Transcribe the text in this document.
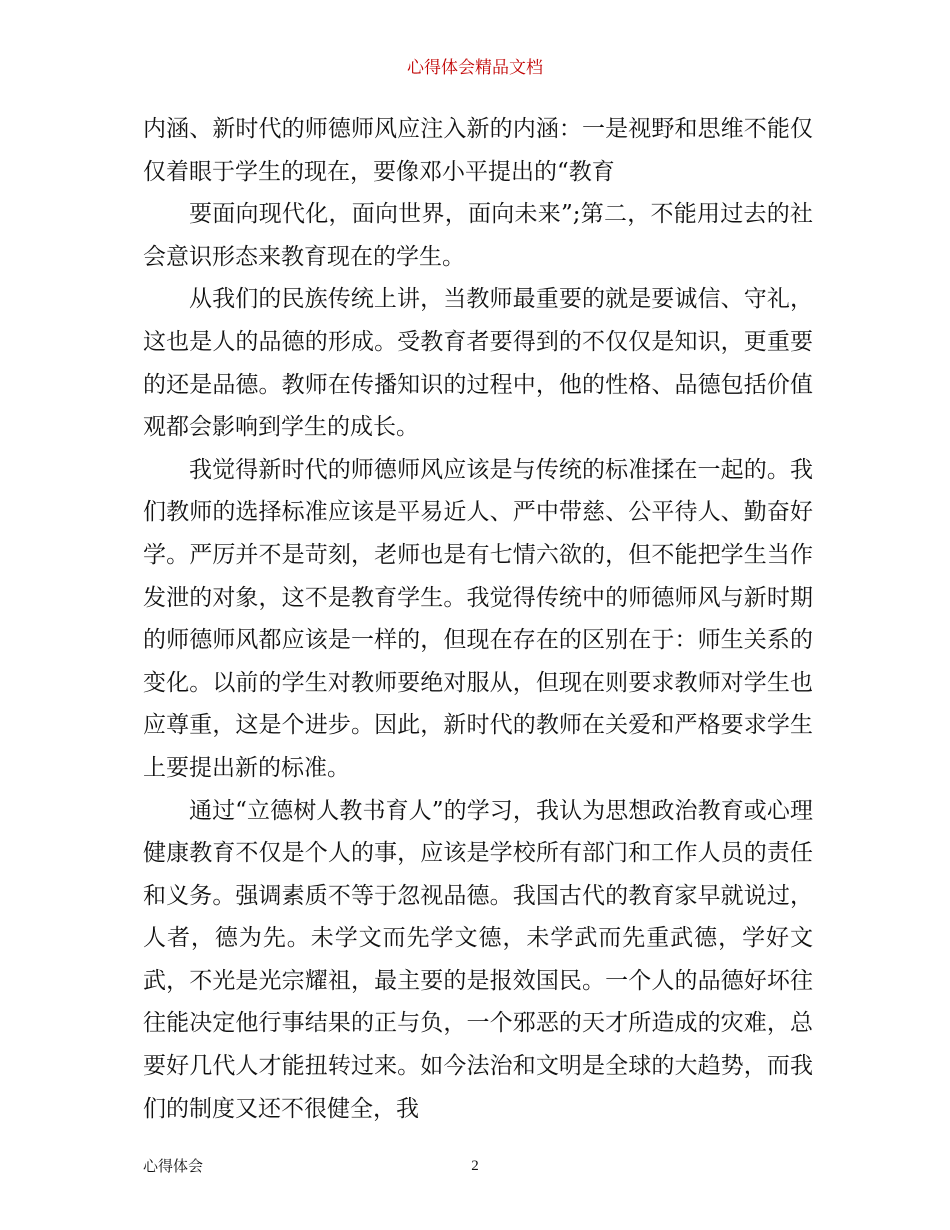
心得体会精品文档

内涵、新时代的师德师风应注入新的内涵：一是视野和思维不能仅仅着眼于学生的现在，要像邓小平提出的“教育

要面向现代化，面向世界，面向未来”;第二，不能用过去的社会意识形态来教育现在的学生。

从我们的民族传统上讲，当教师最重要的就是要诚信、守礼，这也是人的品德的形成。受教育者要得到的不仅仅是知识，更重要的还是品德。教师在传播知识的过程中，他的性格、品德包括价值观都会影响到学生的成长。

我觉得新时代的师德师风应该是与传统的标准揉在一起的。我们教师的选择标准应该是平易近人、严中带慈、公平待人、勤奋好学。严厉并不是苛刻，老师也是有七情六欲的，但不能把学生当作发泄的对象，这不是教育学生。我觉得传统中的师德师风与新时期的师德师风都应该是一样的，但现在存在的区别在于：师生关系的变化。以前的学生对教师要绝对服从，但现在则要求教师对学生也应尊重，这是个进步。因此，新时代的教师在关爱和严格要求学生上要提出新的标准。

通过“立德树人教书育人”的学习，我认为思想政治教育或心理健康教育不仅是个人的事，应该是学校所有部门和工作人员的责任和义务。强调素质不等于忽视品德。我国古代的教育家早就说过，人者，德为先。未学文而先学文德，未学武而先重武德，学好文武，不光是光宗耀祖，最主要的是报效国民。一个人的品德好坏往往能决定他行事结果的正与负，一个邪恶的天才所造成的灾难，总要好几代人才能扭转过来。如今法治和文明是全球的大趋势，而我们的制度又还不很健全，我

心得体会	2
